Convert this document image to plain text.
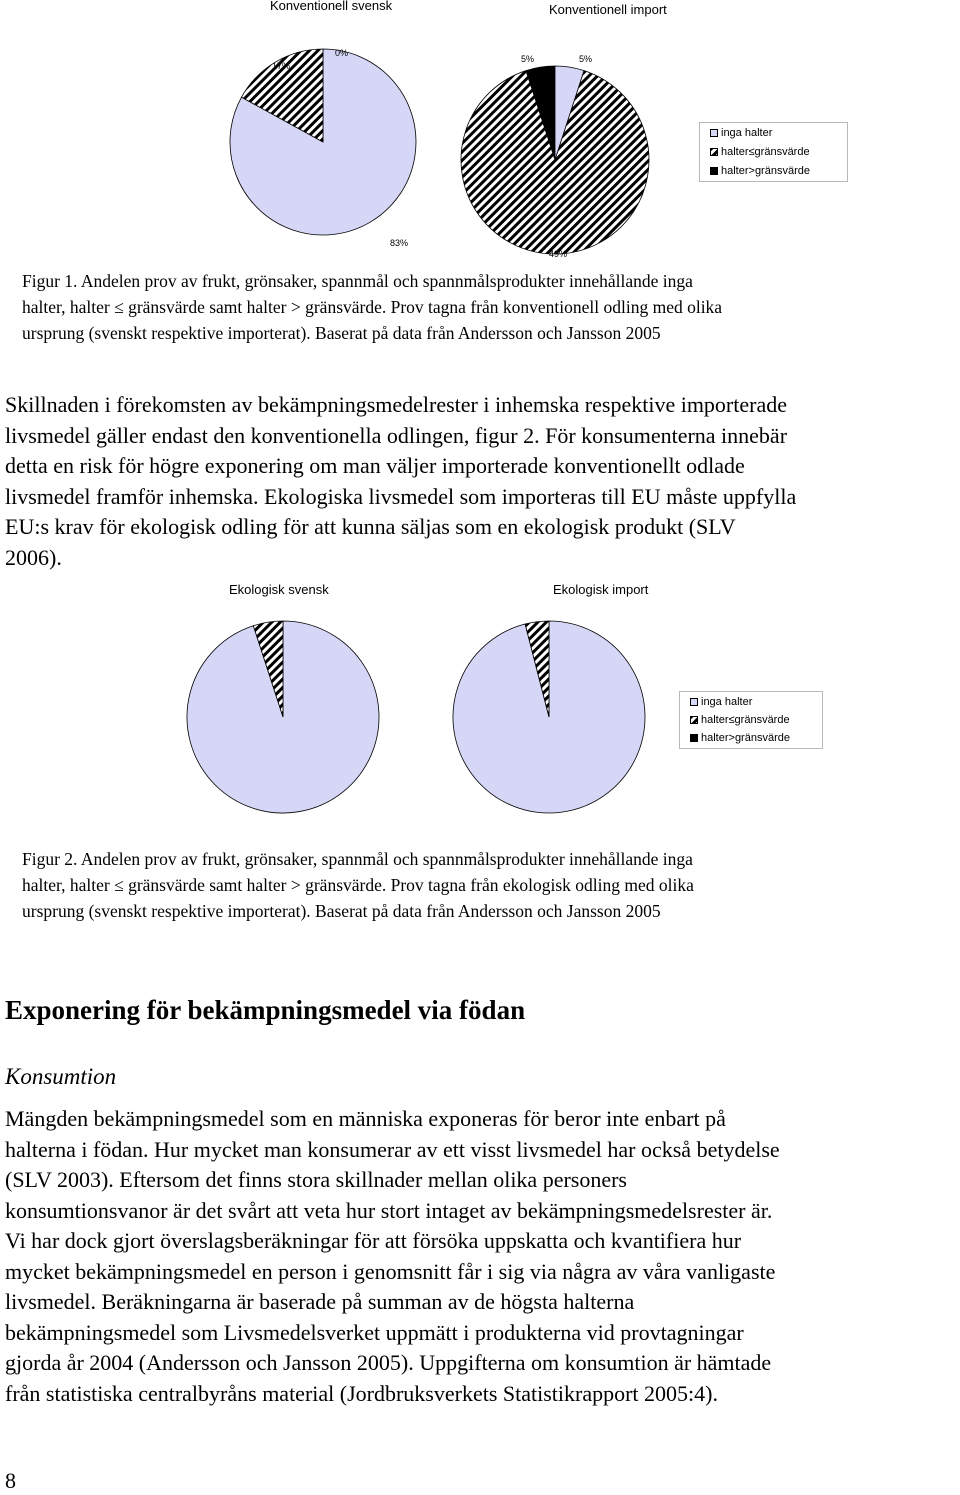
Konventionell svensk	Konventionell import
17%
0%
83%
5%	5%
49%
inga halter
halter≤gränsvärde
halter>gränsvärde
Figur 1. Andelen prov av frukt, grönsaker, spannmål och spannmålsprodukter innehållande inga
halter, halter ≤ gränsvärde samt halter > gränsvärde. Prov tagna från konventionell odling med olika
ursprung (svenskt respektive importerat). Baserat på data från Andersson och Jansson 2005
Skillnaden i förekomsten av bekämpningsmedelrester i inhemska respektive importerade
livsmedel gäller endast den konventionella odlingen, figur 2. För konsumenterna innebär
detta en risk för högre exponering om man väljer importerade konventionellt odlade
livsmedel framför inhemska. Ekologiska livsmedel som importeras till EU måste uppfylla
EU:s krav för ekologisk odling för att kunna säljas som en ekologisk produkt (SLV
2006).
Ekologisk svensk	Ekologisk import
inga halter
halter≤gränsvärde
halter>gränsvärde
Figur 2. Andelen prov av frukt, grönsaker, spannmål och spannmålsprodukter innehållande inga
halter, halter ≤ gränsvärde samt halter > gränsvärde. Prov tagna från ekologisk odling med olika
ursprung (svenskt respektive importerat). Baserat på data från Andersson och Jansson 2005
Exponering för bekämpningsmedel via födan
Konsumtion
Mängden bekämpningsmedel som en människa exponeras för beror inte enbart på
halterna i födan. Hur mycket man konsumerar av ett visst livsmedel har också betydelse
(SLV 2003). Eftersom det finns stora skillnader mellan olika personers
konsumtionsvanor är det svårt att veta hur stort intaget av bekämpningsmedelsrester är.
Vi har dock gjort överslagsberäkningar för att försöka uppskatta och kvantifiera hur
mycket bekämpningsmedel en person i genomsnitt får i sig via några av våra vanligaste
livsmedel. Beräkningarna är baserade på summan av de högsta halterna
bekämpningsmedel som Livsmedelsverket uppmätt i produkterna vid provtagningar
gjorda år 2004 (Andersson och Jansson 2005). Uppgifterna om konsumtion är hämtade
från statistiska centralbyråns material (Jordbruksverkets Statistikrapport 2005:4).
8
